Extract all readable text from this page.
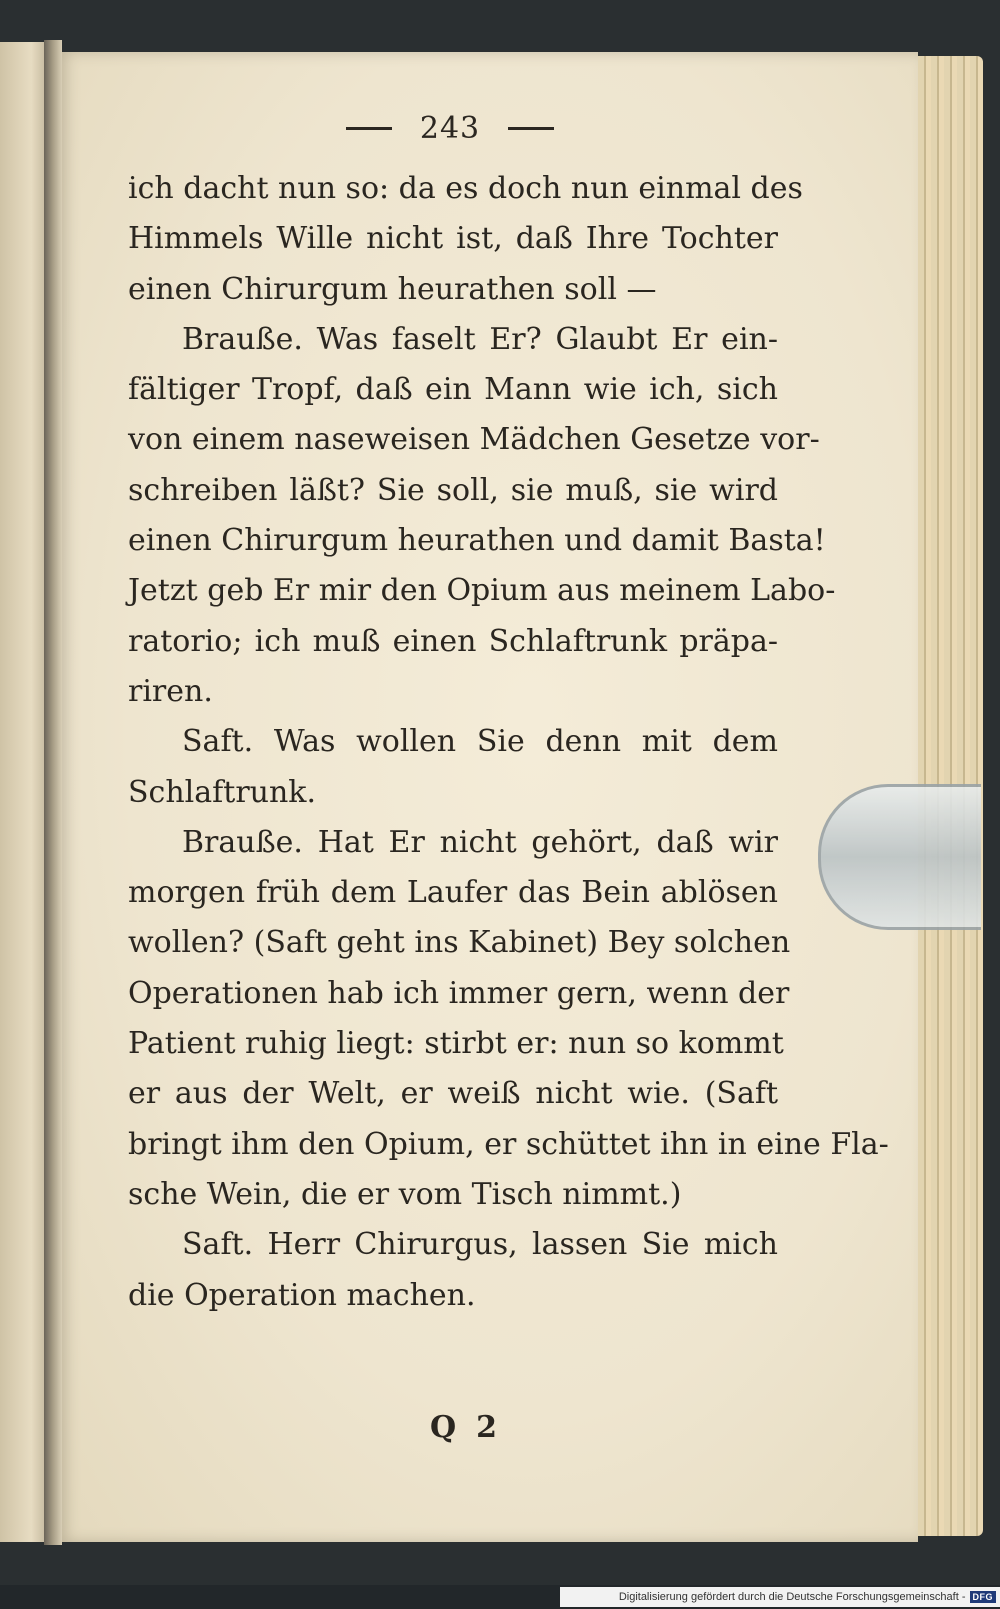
243
ich dacht nun so: da es doch nun einmal des
Himmels Wille nicht ist, daß Ihre Tochter
einen Chirurgum heurathen soll —
Brauße. Was faselt Er? Glaubt Er ein-
fältiger Tropf, daß ein Mann wie ich, sich
von einem naseweisen Mädchen Gesetze vor-
schreiben läßt? Sie soll, sie muß, sie wird
einen Chirurgum heurathen und damit Basta!
Jetzt geb Er mir den Opium aus meinem Labo-
ratorio; ich muß einen Schlaftrunk präpa-
riren.
Saft. Was wollen Sie denn mit dem
Schlaftrunk.
Brauße. Hat Er nicht gehört, daß wir
morgen früh dem Laufer das Bein ablösen
wollen? (Saft geht ins Kabinet) Bey solchen
Operationen hab ich immer gern, wenn der
Patient ruhig liegt: stirbt er: nun so kommt
er aus der Welt, er weiß nicht wie. (Saft
bringt ihm den Opium, er schüttet ihn in eine Fla-
sche Wein, die er vom Tisch nimmt.)
Saft. Herr Chirurgus, lassen Sie mich
die Operation machen.
Q 2
Digitalisierung gefördert durch die Deutsche Forschungsgemeinschaft - DFG
